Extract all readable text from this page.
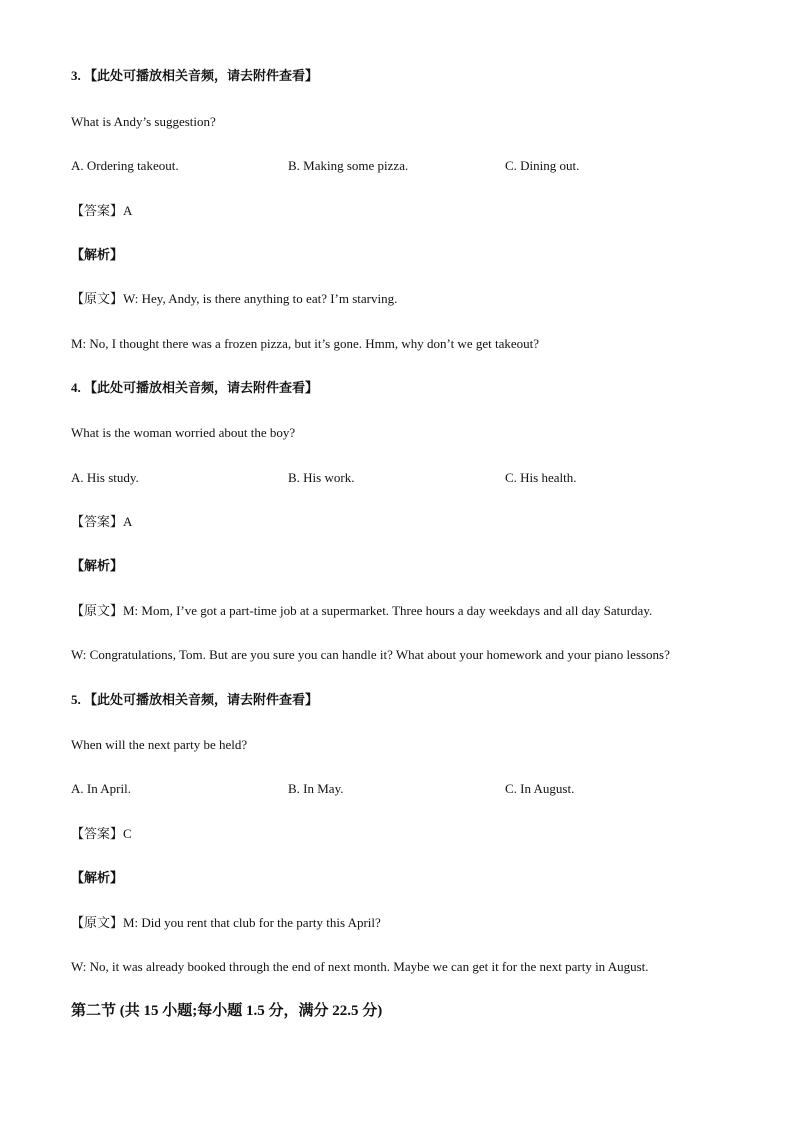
3. 【此处可播放相关音频，请去附件查看】
What is Andy’s suggestion?
A. Ordering takeout.	B. Making some pizza.	C. Dining out.
【答案】A
【解析】
【原文】W: Hey, Andy, is there anything to eat? I’m starving.
M: No, I thought there was a frozen pizza, but it’s gone. Hmm, why don’t we get takeout?
4. 【此处可播放相关音频，请去附件查看】
What is the woman worried about the boy?
A. His study.	B. His work.	C. His health.
【答案】A
【解析】
【原文】M: Mom, I’ve got a part-time job at a supermarket. Three hours a day weekdays and all day Saturday.
W: Congratulations, Tom. But are you sure you can handle it? What about your homework and your piano lessons?
5. 【此处可播放相关音频，请去附件查看】
When will the next party be held?
A. In April.	B. In May.	C. In August.
【答案】C
【解析】
【原文】M: Did you rent that club for the party this April?
W: No, it was already booked through the end of next month. Maybe we can get it for the next party in August.
第二节 (共 15 小题;每小题 1.5 分，满分 22.5 分)
